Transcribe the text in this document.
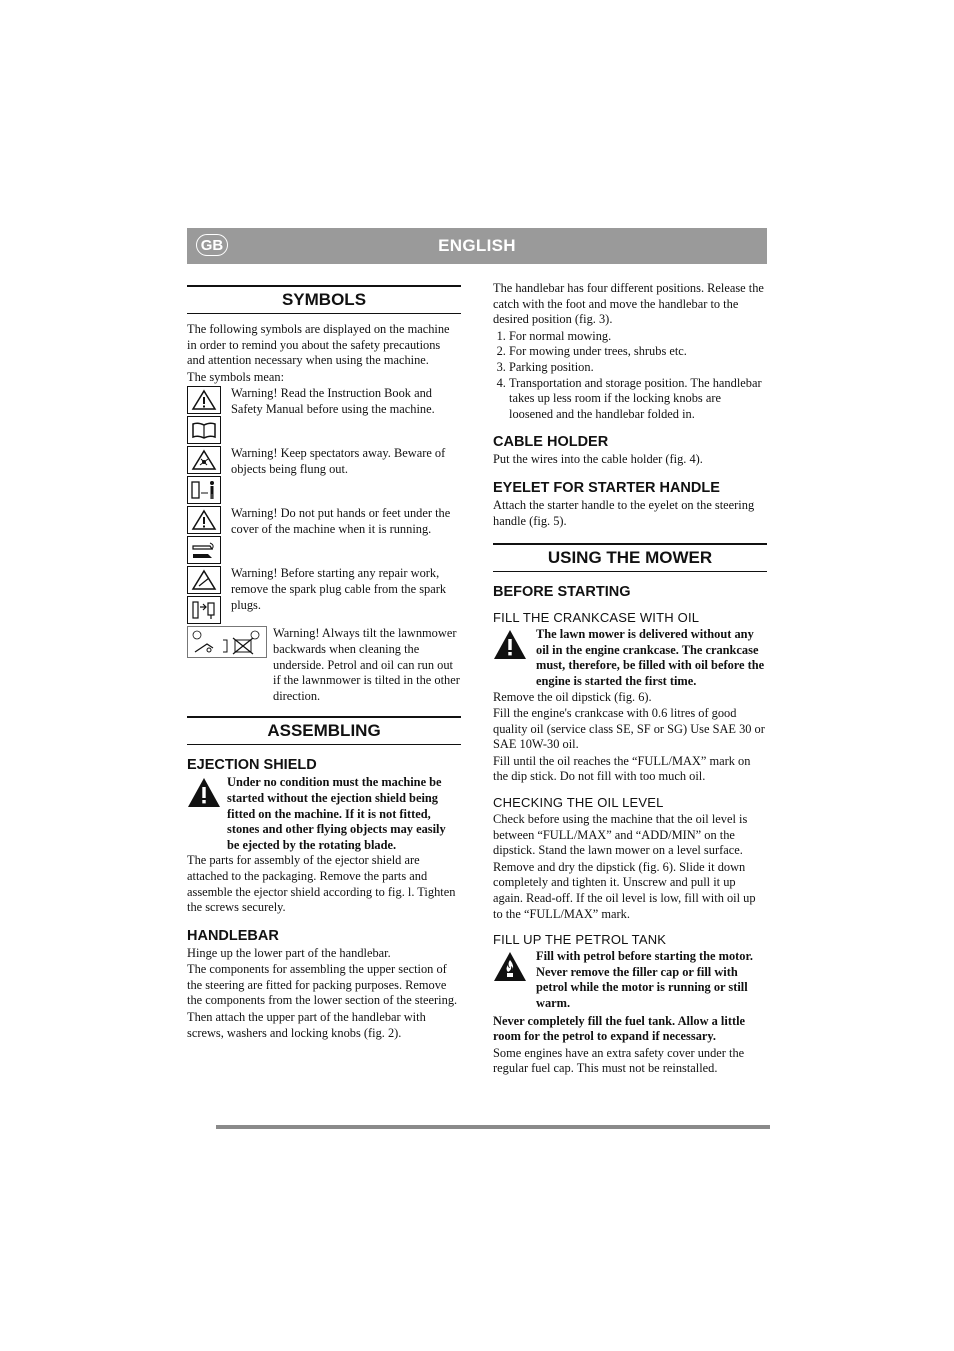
GB	ENGLISH
SYMBOLS

The following symbols are displayed on the machine in order to remind you about the safety precautions and attention necessary when using the machine.

The symbols mean:

Warning! Read the Instruction Book and Safety Manual before using the machine.
Warning! Keep spectators away. Beware of objects being flung out.
Warning! Do not put hands or feet under the cover of the machine when it is running.
Warning! Before starting any repair work, remove the spark plug cable from the spark plugs.
Warning! Always tilt the lawnmower backwards when cleaning the underside. Petrol and oil can run out if the lawnmower is tilted in the other direction.
ASSEMBLING
EJECTION SHIELD
Under no condition must the machine be started without the ejection shield being fitted on the machine. If it is not fitted, stones and other flying objects may easily be ejected by the rotating blade.

The parts for assembly of the ejector shield are attached to the packaging. Remove the parts and assemble the ejector shield according to fig. l. Tighten the screws securely.

HANDLEBAR

Hinge up the lower part of the handlebar.

The components for assembling the upper section of the steering are fitted for packing purposes. Remove the components from the lower section of the steering.

Then attach the upper part of the handlebar with screws, washers and locking knobs (fig. 2).

The handlebar has four different positions. Release the catch with the foot and move the handlebar to the desired position (fig. 3).

1. For normal mowing.
2. For mowing under trees, shrubs etc.
3. Parking position.
4. Transportation and storage position. The handlebar takes up less room if the locking knobs are loosened and the handlebar folded in.
CABLE HOLDER

Put the wires into the cable holder (fig. 4).

EYELET FOR STARTER HANDLE

Attach the starter handle to the eyelet on the steering handle (fig. 5).

USING THE MOWER
BEFORE STARTING
FILL THE CRANKCASE WITH OIL
The lawn mower is delivered without any oil in the engine crankcase. The crankcase must, therefore, be filled with oil before the engine is started the first time.

Remove the oil dipstick (fig. 6).

Fill the engine's crankcase with 0.6 litres of good quality oil (service class SE, SF or SG) Use SAE 30 or SAE 10W-30 oil.

Fill until the oil reaches the “FULL/MAX” mark on the dip stick. Do not fill with too much oil.

CHECKING THE OIL LEVEL

Check before using the machine that the oil level is between “FULL/MAX” and “ADD/MIN” on the dipstick. Stand the lawn mower on a level surface.

Remove and dry the dipstick (fig. 6). Slide it down completely and tighten it. Unscrew and pull it up again. Read-off. If the oil level is low, fill with oil up to the “FULL/MAX” mark.

FILL UP THE PETROL TANK
Fill with petrol before starting the motor. Never remove the filler cap or fill with petrol while the motor is running or still warm.

Never completely fill the fuel tank. Allow a little room for the petrol to expand if necessary.

Some engines have an extra safety cover under the regular fuel cap. This must not be reinstalled.
